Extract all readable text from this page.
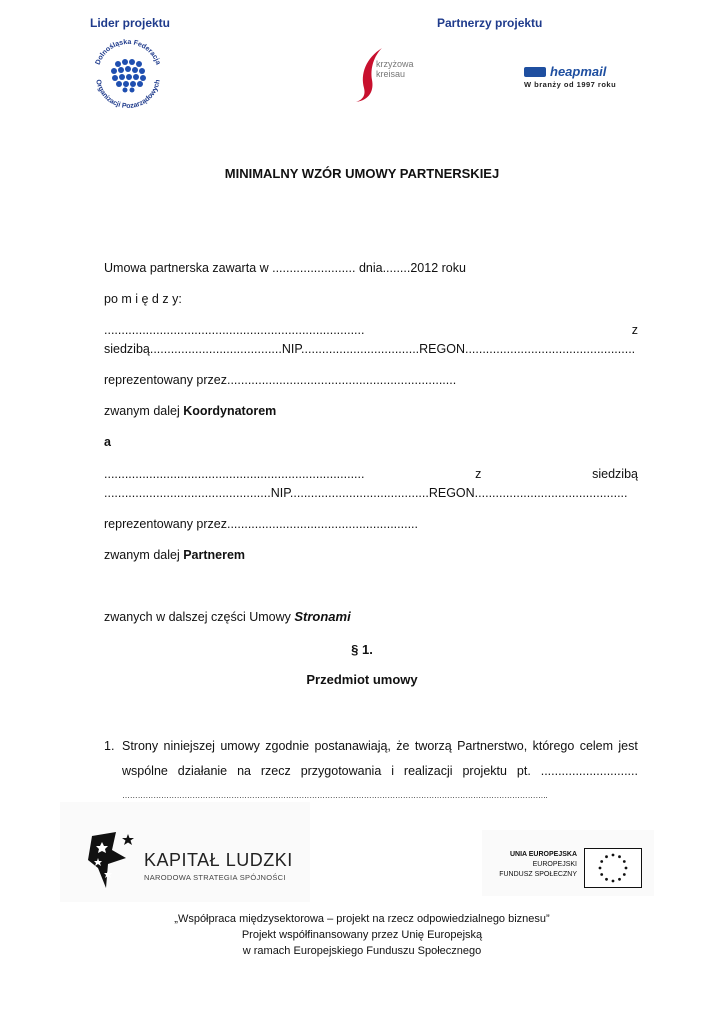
Lider projektu	Partnerzy projektu
Dolnośląska Federacja
Organizacji Pozarządowych
krzyżowa
kreisau	heapmail
W branży od 1997 roku
MINIMALNY WZÓR UMOWY PARTNERSKIEJ
Umowa partnerska zawarta w ........................ dnia........2012 roku
po m i ę d z y:
...........................................................................	z
siedzibą......................................NIP..................................REGON.................................................
reprezentowany przez..................................................................
zwanym dalej Koordynatorem
a
...........................................................................	z	siedzibą
................................................NIP........................................REGON............................................
reprezentowany przez.......................................................
zwanym dalej Partnerem
zwanych w dalszej części Umowy Stronami
§ 1.
Przedmiot umowy
1. Strony niniejszej umowy zgodnie postanawiają, że tworzą Partnerstwo, którego celem jest
wspólne działanie na rzecz przygotowania i realizacji projektu pt. ............................
………………………………………………………………………………………………………………………………………………..
KAPITAŁ LUDZKI
NARODOWA STRATEGIA SPÓJNOŚCI
UNIA EUROPEJSKA
EUROPEJSKI
FUNDUSZ SPOŁECZNY
„Współpraca międzysektorowa – projekt na rzecz odpowiedzialnego biznesu”
Projekt współfinansowany przez Unię Europejską
w ramach Europejskiego Funduszu Społecznego
